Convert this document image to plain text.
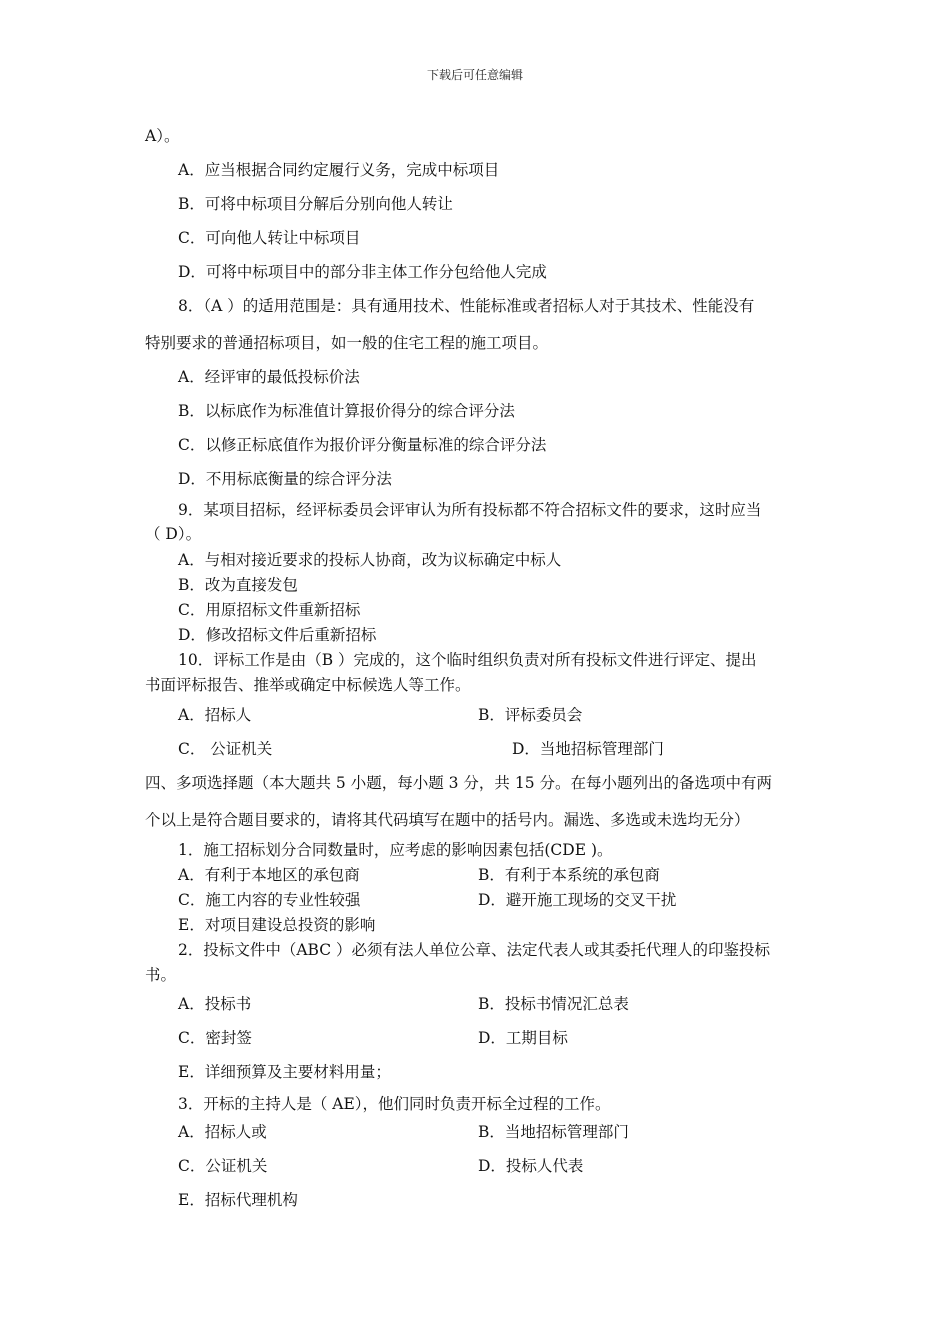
下载后可任意编辑
A）。
A．应当根据合同约定履行义务，完成中标项目
B．可将中标项目分解后分别向他人转让
C．可向他人转让中标项目
D．可将中标项目中的部分非主体工作分包给他人完成
8．（A ）的适用范围是：具有通用技术、性能标准或者招标人对于其技术、性能没有
特别要求的普通招标项目，如一般的住宅工程的施工项目。
A．经评审的最低投标价法
B．以标底作为标准值计算报价得分的综合评分法
C．以修正标底值作为报价评分衡量标准的综合评分法
D．不用标底衡量的综合评分法
9．某项目招标，经评标委员会评审认为所有投标都不符合招标文件的要求，这时应当
（ D）。
A．与相对接近要求的投标人协商，改为议标确定中标人
B．改为直接发包
C．用原招标文件重新招标
D．修改招标文件后重新招标
10．评标工作是由（B ）完成的，这个临时组织负责对所有投标文件进行评定、提出
书面评标报告、推举或确定中标候选人等工作。
A．招标人	B．评标委员会
C． 公证机关	D．当地招标管理部门
四、多项选择题（本大题共 5 小题，每小题 3 分，共 15 分。在每小题列出的备选项中有两
个以上是符合题目要求的，请将其代码填写在题中的括号内。漏选、多选或未选均无分）
1．施工招标划分合同数量时，应考虑的影响因素包括(CDE )。
A．有利于本地区的承包商	B．有利于本系统的承包商
C．施工内容的专业性较强	D．避开施工现场的交叉干扰
E．对项目建设总投资的影响
2．投标文件中（ABC ）必须有法人单位公章、法定代表人或其委托代理人的印鉴投标
书。
A．投标书	B．投标书情况汇总表
C．密封签	D．工期目标
E．详细预算及主要材料用量；
3．开标的主持人是（ AE），他们同时负责开标全过程的工作。
A．招标人或	B．当地招标管理部门
C．公证机关	D．投标人代表
E．招标代理机构
